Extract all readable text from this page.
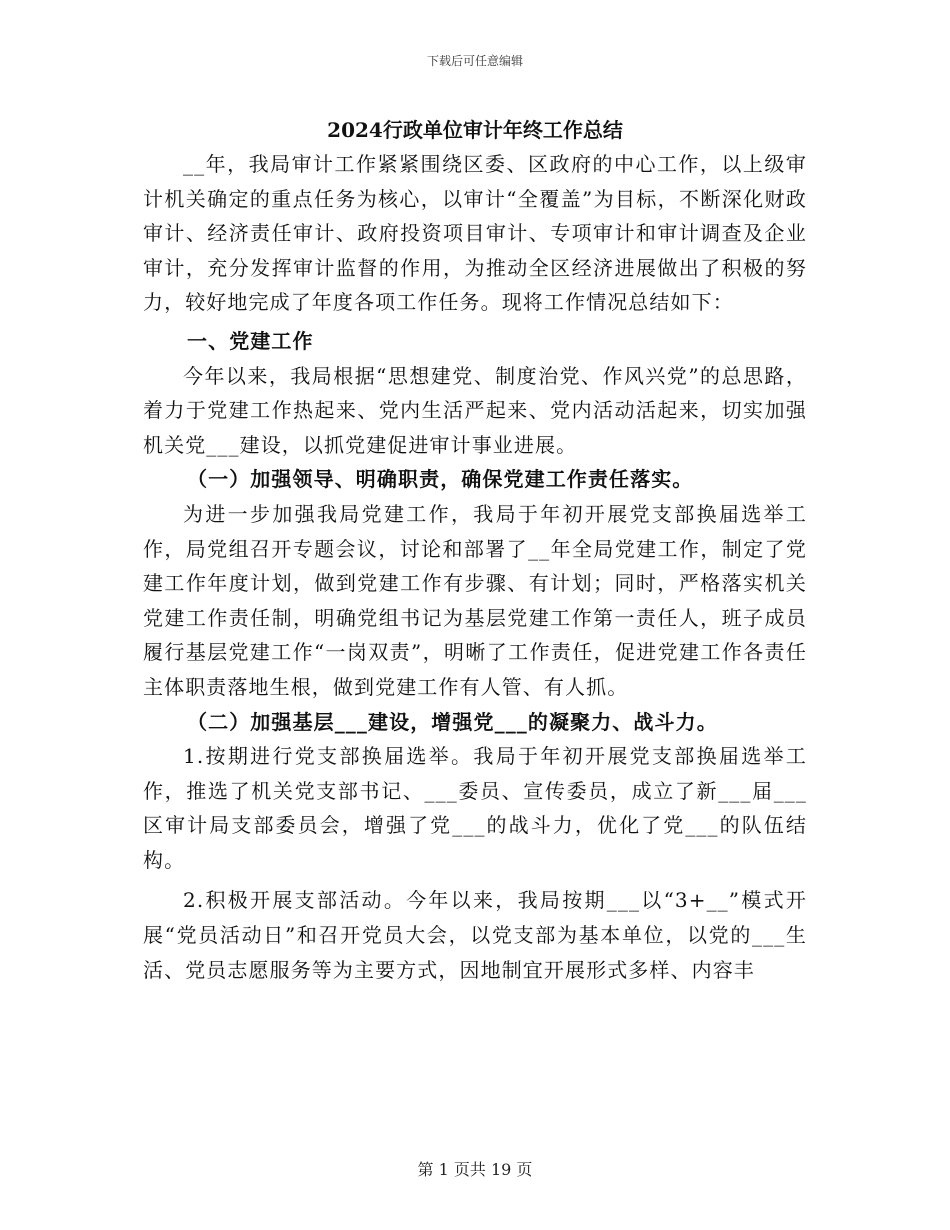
下载后可任意编辑
2024行政单位审计年终工作总结

__年，我局审计工作紧紧围绕区委、区政府的中心工作，以上级审计机关确定的重点任务为核心，以审计“全覆盖”为目标，不断深化财政审计、经济责任审计、政府投资项目审计、专项审计和审计调查及企业审计，充分发挥审计监督的作用，为推动全区经济进展做出了积极的努力，较好地完成了年度各项工作任务。现将工作情况总结如下：

一、党建工作

今年以来，我局根据“思想建党、制度治党、作风兴党”的总思路，着力于党建工作热起来、党内生活严起来、党内活动活起来，切实加强机关党___建设，以抓党建促进审计事业进展。

（一）加强领导、明确职责，确保党建工作责任落实。

为进一步加强我局党建工作，我局于年初开展党支部换届选举工作，局党组召开专题会议，讨论和部署了__年全局党建工作，制定了党建工作年度计划，做到党建工作有步骤、有计划；同时，严格落实机关党建工作责任制，明确党组书记为基层党建工作第一责任人，班子成员履行基层党建工作“一岗双责”，明晰了工作责任，促进党建工作各责任主体职责落地生根，做到党建工作有人管、有人抓。

（二）加强基层___建设，增强党___的凝聚力、战斗力。

1.按期进行党支部换届选举。我局于年初开展党支部换届选举工作，推选了机关党支部书记、___委员、宣传委员，成立了新___届___区审计局支部委员会，增强了党___的战斗力，优化了党___的队伍结构。

2.积极开展支部活动。今年以来，我局按期___以“3+__”模式开展“党员活动日”和召开党员大会，以党支部为基本单位，以党的___生活、党员志愿服务等为主要方式，因地制宜开展形式多样、内容丰

第 1 页共 19 页
